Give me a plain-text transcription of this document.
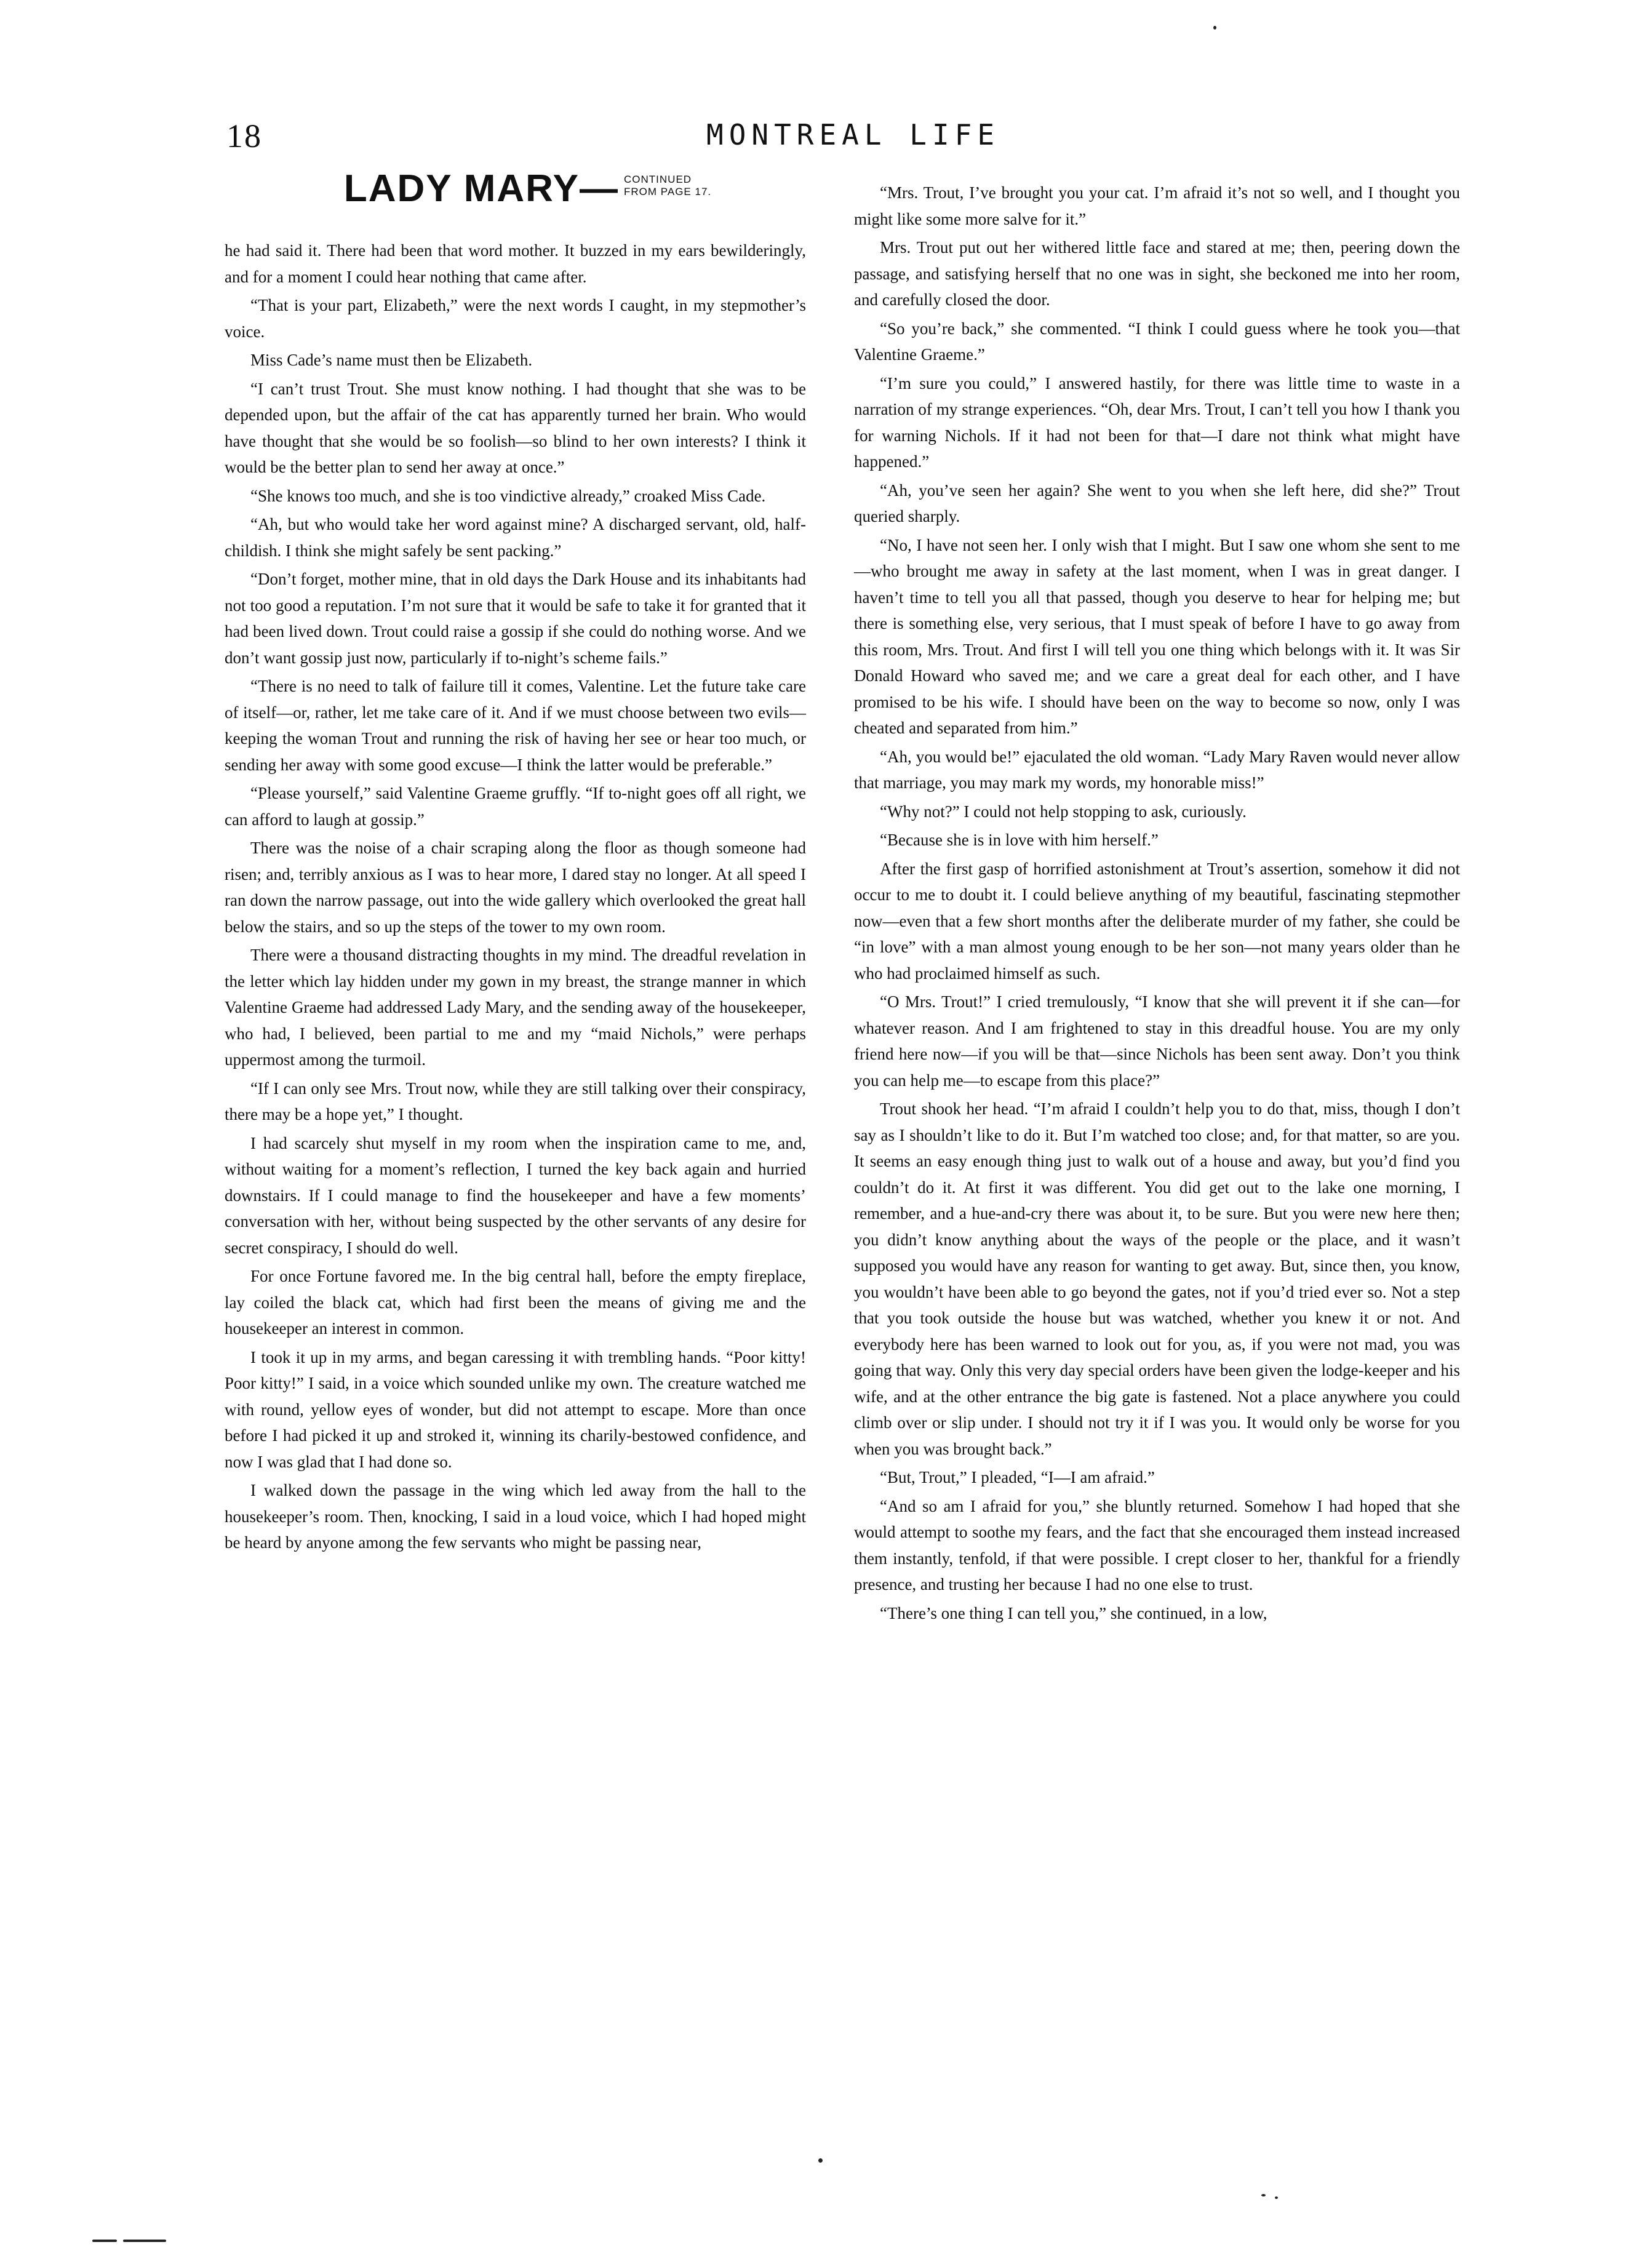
18	MONTREAL LIFE
LADY MARY— CONTINUED
FROM PAGE 17.

he had said it. There had been that word mother. It buzzed in my ears bewilderingly, and for a moment I could hear nothing that came after.

“That is your part, Elizabeth,” were the next words I caught, in my stepmother’s voice.

Miss Cade’s name must then be Elizabeth.

“I can’t trust Trout. She must know nothing. I had thought that she was to be depended upon, but the affair of the cat has apparently turned her brain. Who would have thought that she would be so foolish—so blind to her own interests? I think it would be the better plan to send her away at once.”

“She knows too much, and she is too vindictive already,” croaked Miss Cade.

“Ah, but who would take her word against mine? A discharged servant, old, half-childish. I think she might safely be sent packing.”

“Don’t forget, mother mine, that in old days the Dark House and its inhabitants had not too good a reputation. I’m not sure that it would be safe to take it for granted that it had been lived down. Trout could raise a gossip if she could do nothing worse. And we don’t want gossip just now, particularly if to-night’s scheme fails.”

“There is no need to talk of failure till it comes, Valentine. Let the future take care of itself—or, rather, let me take care of it. And if we must choose between two evils—keeping the woman Trout and running the risk of having her see or hear too much, or sending her away with some good excuse—I think the latter would be preferable.”

“Please yourself,” said Valentine Graeme gruffly. “If to-night goes off all right, we can afford to laugh at gossip.”

There was the noise of a chair scraping along the floor as though someone had risen; and, terribly anxious as I was to hear more, I dared stay no longer. At all speed I ran down the narrow passage, out into the wide gallery which overlooked the great hall below the stairs, and so up the steps of the tower to my own room.

There were a thousand distracting thoughts in my mind. The dreadful revelation in the letter which lay hidden under my gown in my breast, the strange manner in which Valentine Graeme had addressed Lady Mary, and the sending away of the housekeeper, who had, I believed, been partial to me and my “maid Nichols,” were perhaps uppermost among the turmoil.

“If I can only see Mrs. Trout now, while they are still talking over their conspiracy, there may be a hope yet,” I thought.

I had scarcely shut myself in my room when the inspiration came to me, and, without waiting for a moment’s reflection, I turned the key back again and hurried downstairs. If I could manage to find the housekeeper and have a few moments’ conversation with her, without being suspected by the other servants of any desire for secret conspiracy, I should do well.

For once Fortune favored me. In the big central hall, before the empty fireplace, lay coiled the black cat, which had first been the means of giving me and the housekeeper an interest in common.

I took it up in my arms, and began caressing it with trembling hands. “Poor kitty! Poor kitty!” I said, in a voice which sounded unlike my own. The creature watched me with round, yellow eyes of wonder, but did not attempt to escape. More than once before I had picked it up and stroked it, winning its charily-bestowed confidence, and now I was glad that I had done so.

I walked down the passage in the wing which led away from the hall to the housekeeper’s room. Then, knocking, I said in a loud voice, which I had hoped might be heard by anyone among the few servants who might be passing near,

“Mrs. Trout, I’ve brought you your cat. I’m afraid it’s not so well, and I thought you might like some more salve for it.”

Mrs. Trout put out her withered little face and stared at me; then, peering down the passage, and satisfying herself that no one was in sight, she beckoned me into her room, and carefully closed the door.

“So you’re back,” she commented. “I think I could guess where he took you—that Valentine Graeme.”

“I’m sure you could,” I answered hastily, for there was little time to waste in a narration of my strange experiences. “Oh, dear Mrs. Trout, I can’t tell you how I thank you for warning Nichols. If it had not been for that—I dare not think what might have happened.”

“Ah, you’ve seen her again? She went to you when she left here, did she?” Trout queried sharply.

“No, I have not seen her. I only wish that I might. But I saw one whom she sent to me—who brought me away in safety at the last moment, when I was in great danger. I haven’t time to tell you all that passed, though you deserve to hear for helping me; but there is something else, very serious, that I must speak of before I have to go away from this room, Mrs. Trout. And first I will tell you one thing which belongs with it. It was Sir Donald Howard who saved me; and we care a great deal for each other, and I have promised to be his wife. I should have been on the way to become so now, only I was cheated and separated from him.”

“Ah, you would be!” ejaculated the old woman. “Lady Mary Raven would never allow that marriage, you may mark my words, my honorable miss!”

“Why not?” I could not help stopping to ask, curiously.

“Because she is in love with him herself.”

After the first gasp of horrified astonishment at Trout’s assertion, somehow it did not occur to me to doubt it. I could believe anything of my beautiful, fascinating stepmother now—even that a few short months after the deliberate murder of my father, she could be “in love” with a man almost young enough to be her son—not many years older than he who had proclaimed himself as such.

“O Mrs. Trout!” I cried tremulously, “I know that she will prevent it if she can—for whatever reason. And I am frightened to stay in this dreadful house. You are my only friend here now—if you will be that—since Nichols has been sent away. Don’t you think you can help me—to escape from this place?”

Trout shook her head. “I’m afraid I couldn’t help you to do that, miss, though I don’t say as I shouldn’t like to do it. But I’m watched too close; and, for that matter, so are you. It seems an easy enough thing just to walk out of a house and away, but you’d find you couldn’t do it. At first it was different. You did get out to the lake one morning, I remember, and a hue-and-cry there was about it, to be sure. But you were new here then; you didn’t know anything about the ways of the people or the place, and it wasn’t supposed you would have any reason for wanting to get away. But, since then, you know, you wouldn’t have been able to go beyond the gates, not if you’d tried ever so. Not a step that you took outside the house but was watched, whether you knew it or not. And everybody here has been warned to look out for you, as, if you were not mad, you was going that way. Only this very day special orders have been given the lodge-keeper and his wife, and at the other entrance the big gate is fastened. Not a place anywhere you could climb over or slip under. I should not try it if I was you. It would only be worse for you when you was brought back.”

“But, Trout,” I pleaded, “I—I am afraid.”

“And so am I afraid for you,” she bluntly returned. Somehow I had hoped that she would attempt to soothe my fears, and the fact that she encouraged them instead increased them instantly, tenfold, if that were possible. I crept closer to her, thankful for a friendly presence, and trusting her because I had no one else to trust.

“There’s one thing I can tell you,” she continued, in a low,
